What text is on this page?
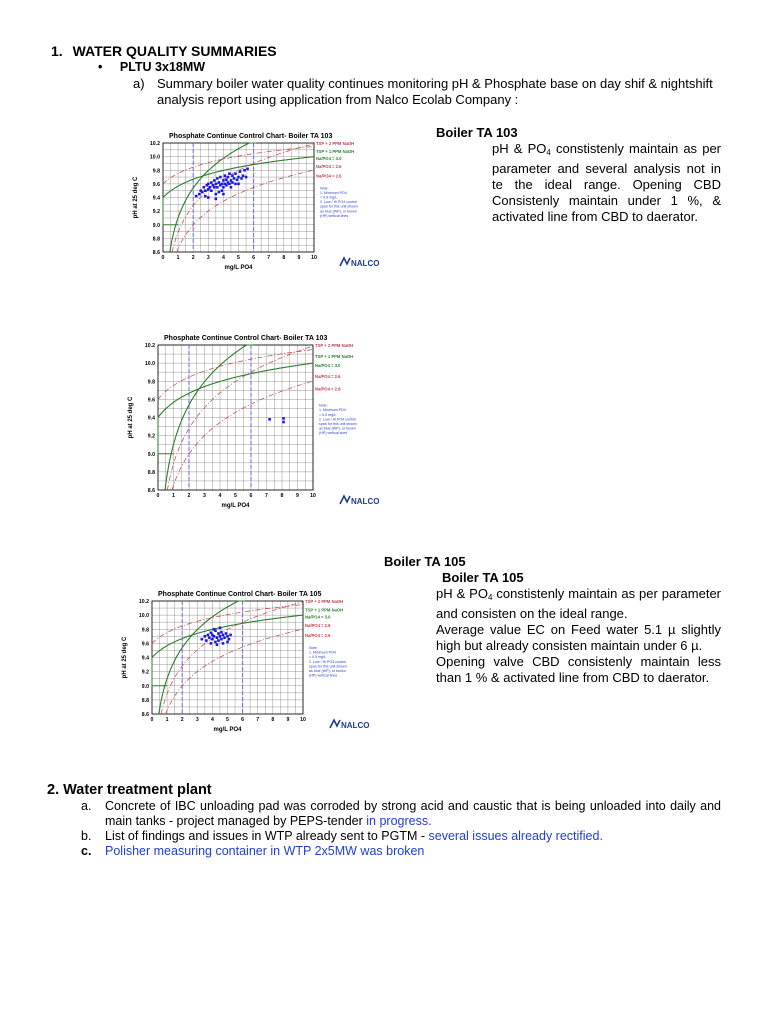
1. WATER QUALITY SUMMARIES
• PLTU 3x18MW
a) Summary boiler water quality continues monitoring pH & Phosphate base on day shif & nightshift analysis report using application from Nalco Ecolab Company :
Phosphate Continue Control Chart- Boiler TA 103
0 1 2 3 4 5 6 7 8 9 10
8.6
8.8
9.0
9.2
9.4
9.6
9.8
10.0
10.2
mg/L PO4
pH at 25 deg C
TSP + 2 PPM NaOH
TSP + 1 PPM NaOH
Na/PO4 = 3.0
Na/PO4 = 2.6
Na/PO4 = 2.6
Note:
1. Minimum PO4
= 0.5 mg/L
2. Low / Hi PO4 control
span for this unit shown
as blue (WP), or brown
(HP) vertical lines
NALCO
Boiler TA 103
pH & $PO_4$ constistenly maintain as per parameter and several analysis not in te the ideal range. Opening CBD Consistenly maintain under 1 %, & activated line from CBD to daerator.
Phosphate Continue Control Chart- Boiler TA 103
0 1 2 3 4 5 6 7 8 9 10
8.6
8.8
9.0
9.2
9.4
9.6
9.8
10.0
10.2
mg/L PO4
pH at 25 deg C
TSP + 2 PPM NaOH
TSP + 1 PPM NaOH
Na/PO4 = 3.0
Na/PO4 = 2.6
Na/PO4 = 2.6
Note:
1. Minimum PO4
= 0.5 mg/L
2. Low / Hi PO4 control
span for this unit shown
as blue (WP), or brown
(HP) vertical lines
NALCO
Boiler TA 105
Boiler TA 105
Phosphate Continue Control Chart- Boiler TA 105
0 1 2 3 4 5 6 7 8 9 10
8.6
8.8
9.0
9.2
9.4
9.6
9.8
10.0
10.2
mg/L PO4
pH at 25 deg C
TSP + 2 PPM NaOH
TSP + 1 PPM NaOH
Na/PO4 = 3.0
Na/PO4 = 2.6
Na/PO4 = 2.6
Note:
1. Minimum PO4
= 0.5 mg/L
2. Low / Hi PO4 control
span for this unit shown
as blue (WP), or brown
(HP) vertical lines
NALCO
pH & $PO_4$ constistenly maintain as per parameter and consisten on the ideal range.
Average value EC on Feed water 5.1 µ slightly high but already consisten maintain under 6 µ.
Opening valve CBD consistenly maintain less than 1 % & activated line from CBD to daerator.
2. Water treatment plant
a. Concrete of IBC unloading pad was corroded by strong acid and caustic that is being unloaded into daily and main tanks - project managed by PEPS-tender in progress.
b. List of findings and issues in WTP already sent to PGTM - several issues already rectified.
c. Polisher measuring container in WTP 2x5MW was broken
